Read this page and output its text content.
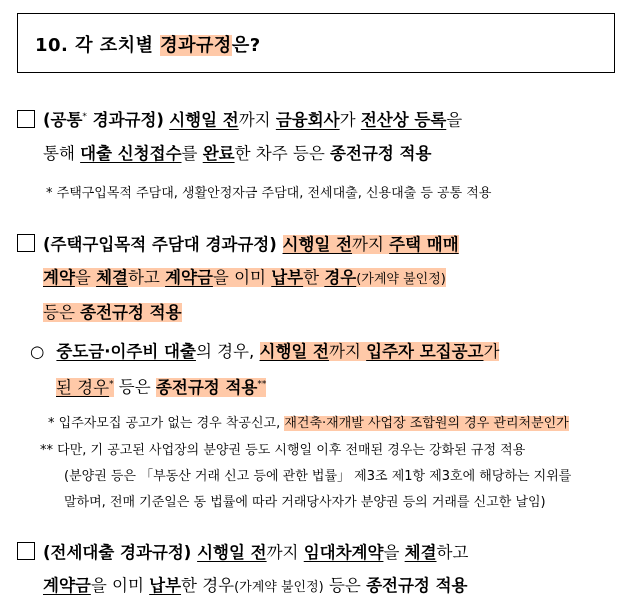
10. 각 조치별 경과규정은?
(공통* 경과규정) 시행일 전까지 금융회사가 전산상 등록을
통해 대출 신청접수를 완료한 차주 등은 종전규정 적용
* 주택구입목적 주담대, 생활안정자금 주담대, 전세대출, 신용대출 등 공통 적용
(주택구입목적 주담대 경과규정) 시행일 전까지 주택 매매
계약을 체결하고 계약금을 이미 납부한 경우(가계약 불인정)
등은 종전규정 적용
○ 중도금·이주비 대출의 경우, 시행일 전까지 입주자 모집공고가
된 경우* 등은 종전규정 적용**
* 입주자모집 공고가 없는 경우 착공신고, 재건축·재개발 사업장 조합원의 경우 관리처분인가
** 다만, 기 공고된 사업장의 분양권 등도 시행일 이후 전매된 경우는 강화된 규정 적용
(분양권 등은 「부동산 거래 신고 등에 관한 법률」 제3조 제1항 제3호에 해당하는 지위를
말하며, 전매 기준일은 동 법률에 따라 거래당사자가 분양권 등의 거래를 신고한 날임)
(전세대출 경과규정) 시행일 전까지 임대차계약을 체결하고
계약금을 이미 납부한 경우(가계약 불인정) 등은 종전규정 적용
